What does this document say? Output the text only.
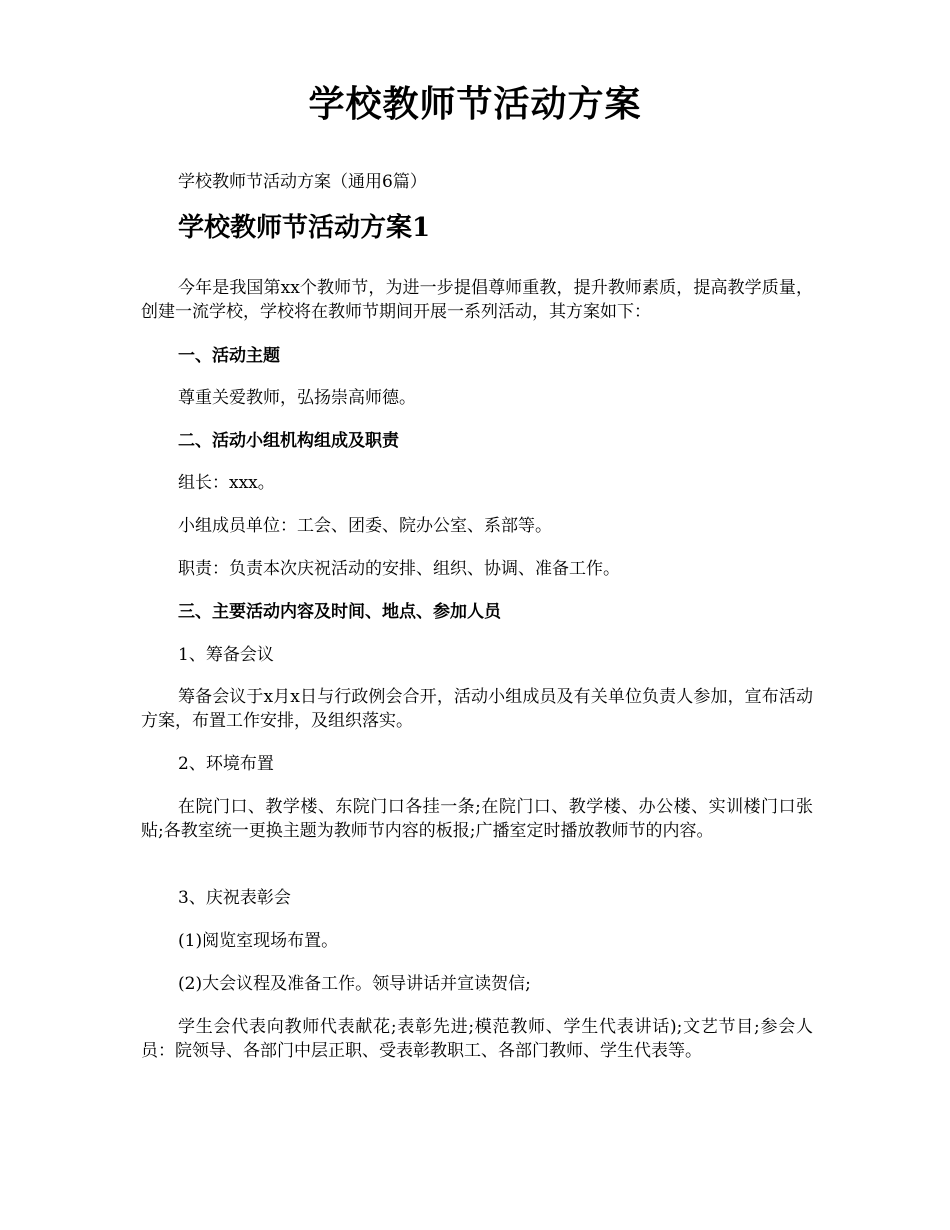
学校教师节活动方案

学校教师节活动方案（通用6篇）

学校教师节活动方案1

今年是我国第xx个教师节，为进一步提倡尊师重教，提升教师素质，提高教学质量，创建一流学校，学校将在教师节期间开展一系列活动，其方案如下：

一、活动主题

尊重关爱教师，弘扬崇高师德。

二、活动小组机构组成及职责

组长：xxx。

小组成员单位：工会、团委、院办公室、系部等。

职责：负责本次庆祝活动的安排、组织、协调、准备工作。

三、主要活动内容及时间、地点、参加人员

1、筹备会议

筹备会议于x月x日与行政例会合开，活动小组成员及有关单位负责人参加，宣布活动方案，布置工作安排，及组织落实。

2、环境布置

在院门口、教学楼、东院门口各挂一条;在院门口、教学楼、办公楼、实训楼门口张贴;各教室统一更换主题为教师节内容的板报;广播室定时播放教师节的内容。

3、庆祝表彰会

(1)阅览室现场布置。

(2)大会议程及准备工作。领导讲话并宣读贺信;

学生会代表向教师代表献花;表彰先进;模范教师、学生代表讲话);文艺节目;参会人员：院领导、各部门中层正职、受表彰教职工、各部门教师、学生代表等。
